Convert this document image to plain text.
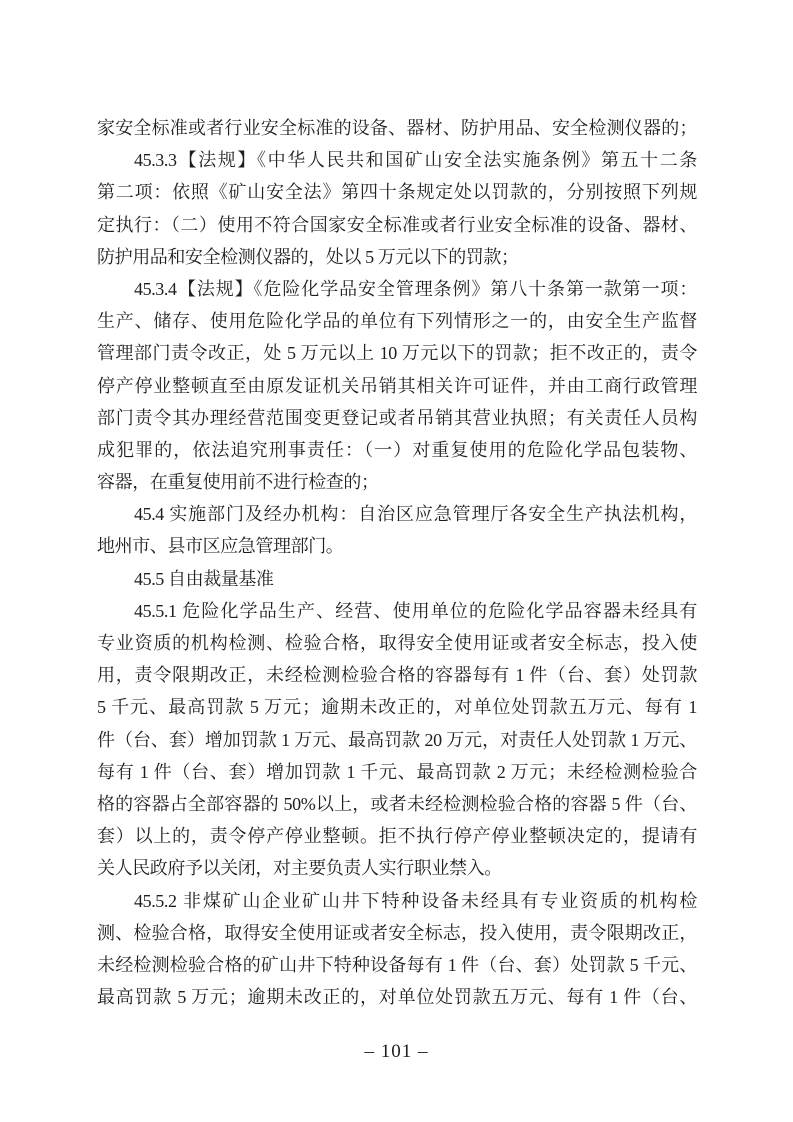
家安全标准或者行业安全标准的设备、器材、防护用品、安全检测仪器的；
45.3.3【法规】《中华人民共和国矿山安全法实施条例》第五十二条
第二项：依照《矿山安全法》第四十条规定处以罚款的，分别按照下列规
定执行：（二）使用不符合国家安全标准或者行业安全标准的设备、器材、
防护用品和安全检测仪器的，处以 5 万元以下的罚款；
45.3.4【法规】《危险化学品安全管理条例》第八十条第一款第一项：
生产、储存、使用危险化学品的单位有下列情形之一的，由安全生产监督
管理部门责令改正，处 5 万元以上 10 万元以下的罚款；拒不改正的，责令
停产停业整顿直至由原发证机关吊销其相关许可证件，并由工商行政管理
部门责令其办理经营范围变更登记或者吊销其营业执照；有关责任人员构
成犯罪的，依法追究刑事责任：（一）对重复使用的危险化学品包装物、
容器，在重复使用前不进行检查的；
45.4 实施部门及经办机构：自治区应急管理厅各安全生产执法机构，
地州市、县市区应急管理部门。
45.5 自由裁量基准
45.5.1 危险化学品生产、经营、使用单位的危险化学品容器未经具有
专业资质的机构检测、检验合格，取得安全使用证或者安全标志，投入使
用，责令限期改正，未经检测检验合格的容器每有 1 件（台、套）处罚款
5 千元、最高罚款 5 万元；逾期未改正的，对单位处罚款五万元、每有 1
件（台、套）增加罚款 1 万元、最高罚款 20 万元，对责任人处罚款 1 万元、
每有 1 件（台、套）增加罚款 1 千元、最高罚款 2 万元；未经检测检验合
格的容器占全部容器的 50%以上，或者未经检测检验合格的容器 5 件（台、
套）以上的，责令停产停业整顿。拒不执行停产停业整顿决定的，提请有
关人民政府予以关闭，对主要负责人实行职业禁入。
45.5.2 非煤矿山企业矿山井下特种设备未经具有专业资质的机构检
测、检验合格，取得安全使用证或者安全标志，投入使用，责令限期改正，
未经检测检验合格的矿山井下特种设备每有 1 件（台、套）处罚款 5 千元、
最高罚款 5 万元；逾期未改正的，对单位处罚款五万元、每有 1 件（台、
– 101 –
